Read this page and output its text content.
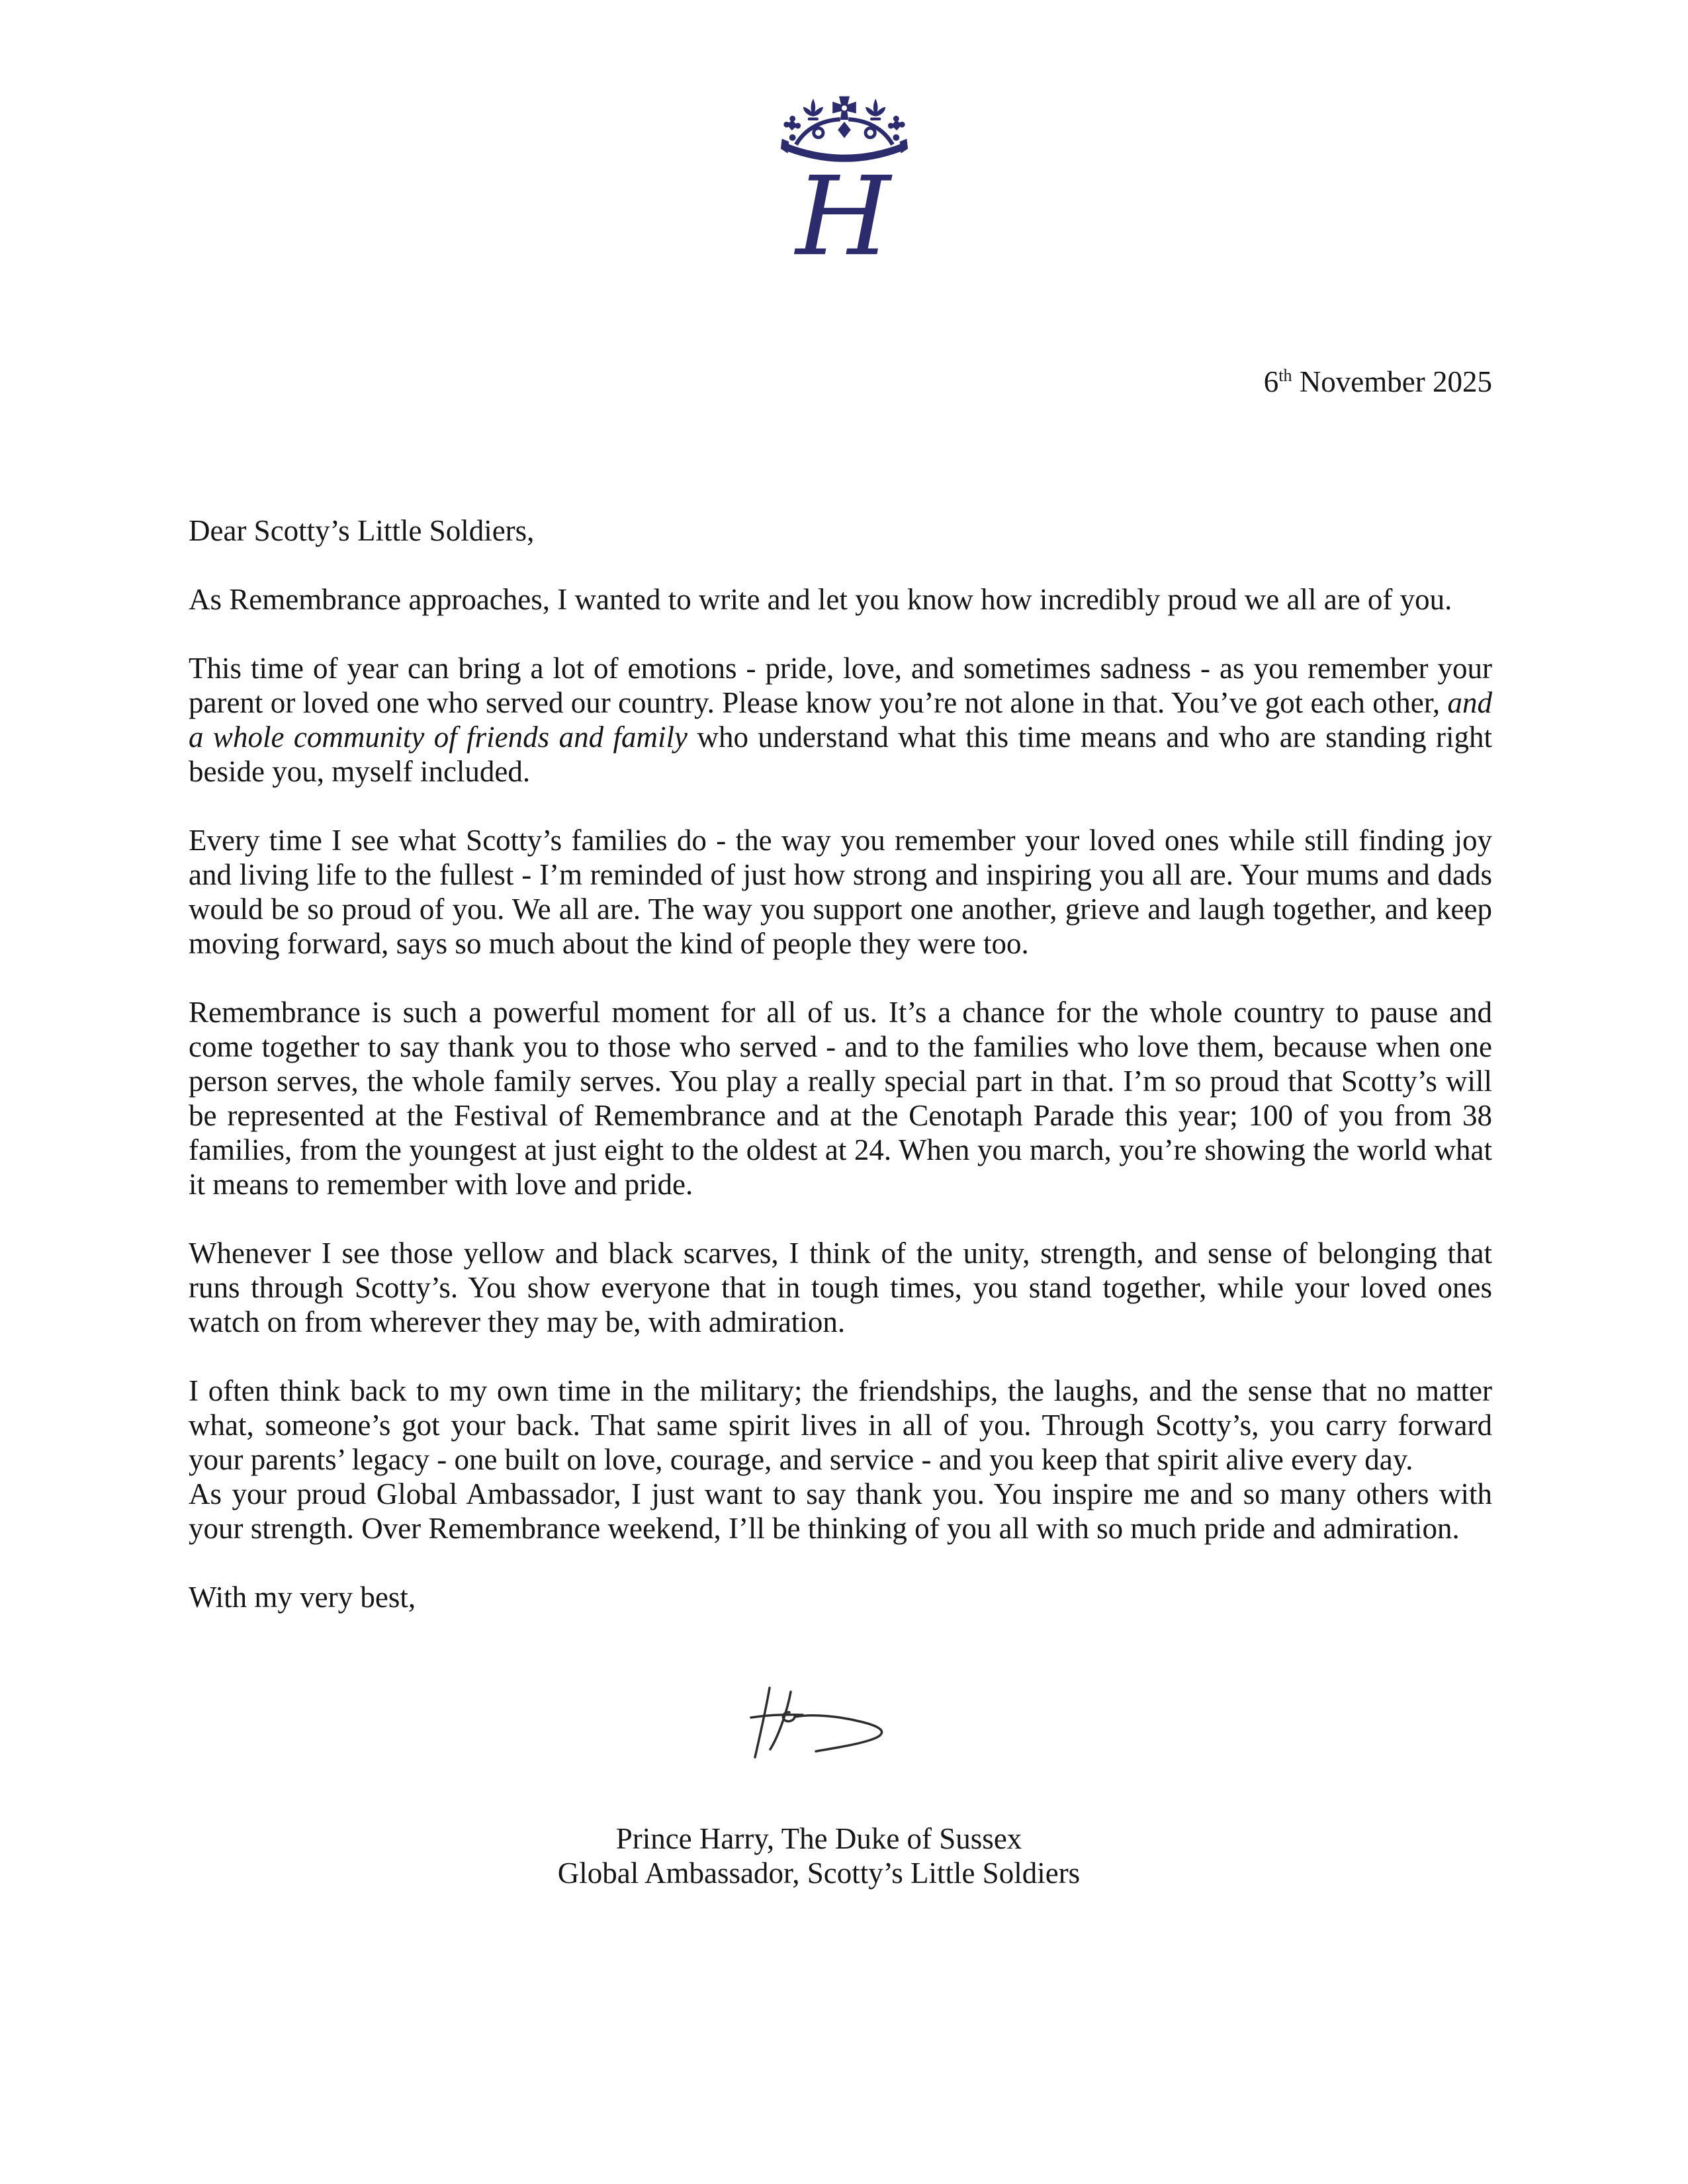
H
6th November 2025

Dear Scotty’s Little Soldiers,

As Remembrance approaches, I wanted to write and let you know how incredibly proud we all are of you.

This time of year can bring a lot of emotions - pride, love, and sometimes sadness - as you remember your parent or loved one who served our country. Please know you’re not alone in that. You’ve got each other, and a whole community of friends and family who understand what this time means and who are standing right beside you, myself included.

Every time I see what Scotty’s families do - the way you remember your loved ones while still finding joy and living life to the fullest - I’m reminded of just how strong and inspiring you all are. Your mums and dads would be so proud of you. We all are. The way you support one another, grieve and laugh together, and keep moving forward, says so much about the kind of people they were too.

Remembrance is such a powerful moment for all of us. It’s a chance for the whole country to pause and come together to say thank you to those who served - and to the families who love them, because when one person serves, the whole family serves. You play a really special part in that. I’m so proud that Scotty’s will be represented at the Festival of Remembrance and at the Cenotaph Parade this year; 100 of you from 38 families, from the youngest at just eight to the oldest at 24. When you march, you’re showing the world what it means to remember with love and pride.

Whenever I see those yellow and black scarves, I think of the unity, strength, and sense of belonging that runs through Scotty’s. You show everyone that in tough times, you stand together, while your loved ones watch on from wherever they may be, with admiration.

I often think back to my own time in the military; the friendships, the laughs, and the sense that no matter what, someone’s got your back. That same spirit lives in all of you. Through Scotty’s, you carry forward your parents’ legacy - one built on love, courage, and service - and you keep that spirit alive every day.

As your proud Global Ambassador, I just want to say thank you. You inspire me and so many others with your strength. Over Remembrance weekend, I’ll be thinking of you all with so much pride and admiration.

With my very best,

Prince Harry, The Duke of Sussex
Global Ambassador, Scotty’s Little Soldiers
